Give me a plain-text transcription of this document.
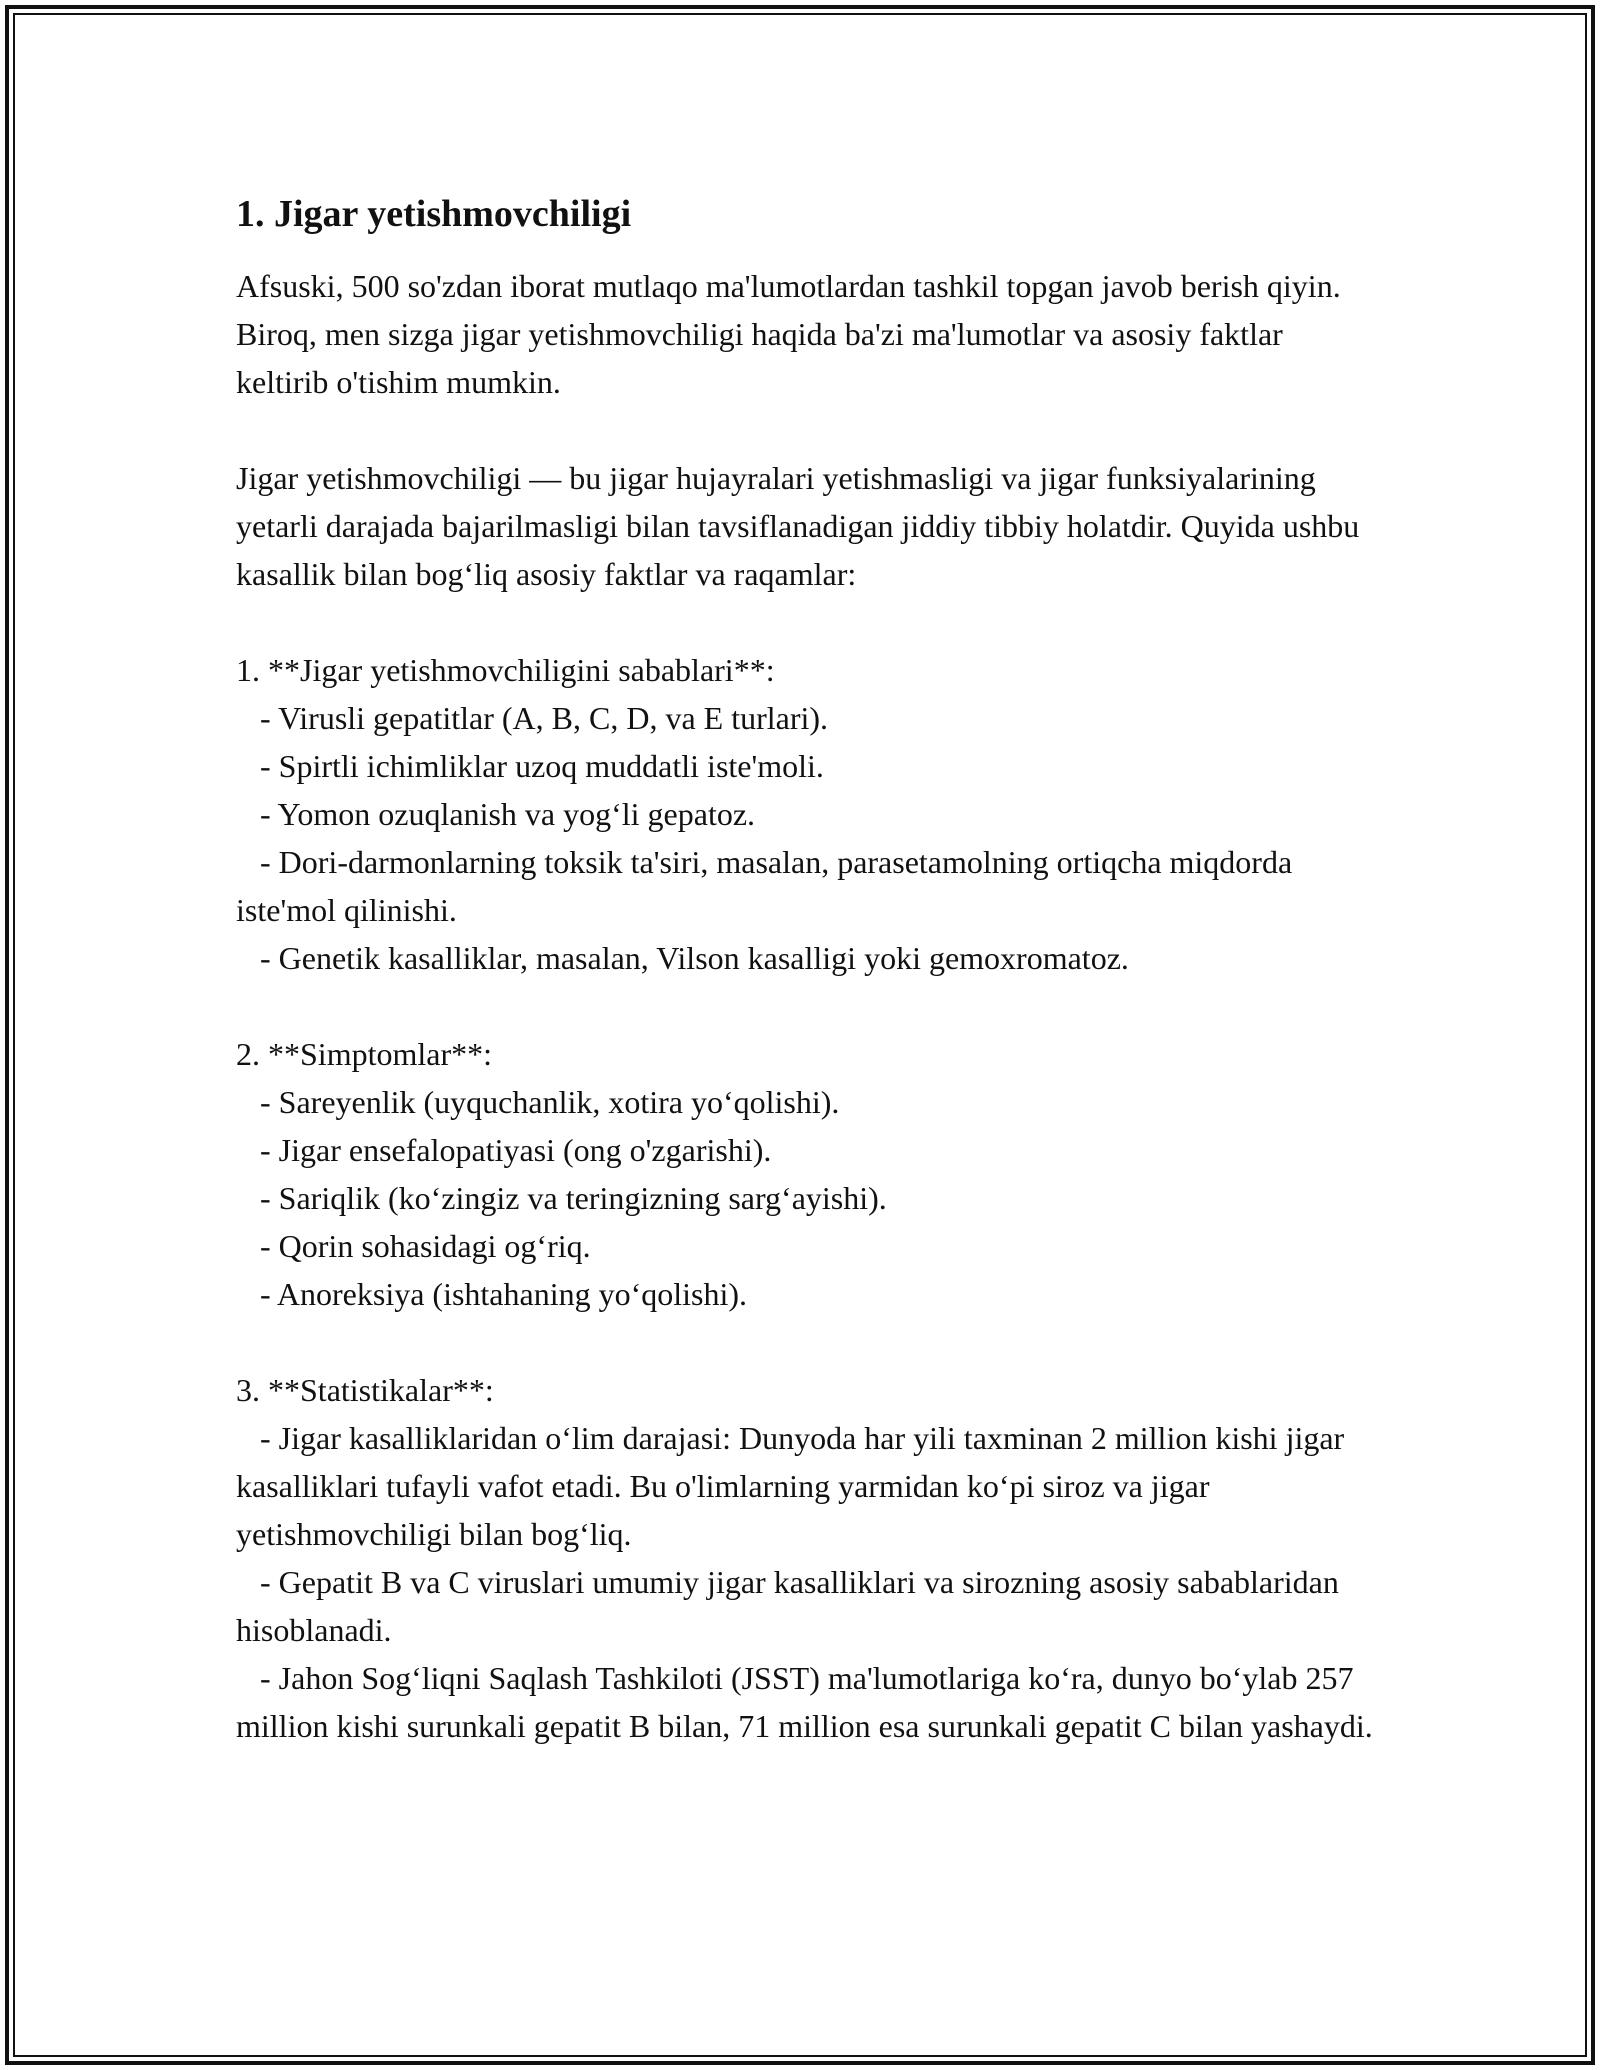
1. Jigar yetishmovchiligi

Afsuski, 500 so'zdan iborat mutlaqo ma'lumotlardan tashkil topgan javob berish qiyin. Biroq, men sizga jigar yetishmovchiligi haqida ba'zi ma'lumotlar va asosiy faktlar keltirib o'tishim mumkin.

Jigar yetishmovchiligi — bu jigar hujayralari yetishmasligi va jigar funksiyalarining yetarli darajada bajarilmasligi bilan tavsiflanadigan jiddiy tibbiy holatdir. Quyida ushbu kasallik bilan bog‘liq asosiy faktlar va raqamlar:

1. **Jigar yetishmovchiligini sabablari**:

- Virusli gepatitlar (A, B, C, D, va E turlari).

- Spirtli ichimliklar uzoq muddatli iste'moli.

- Yomon ozuqlanish va yog‘li gepatoz.

- Dori-darmonlarning toksik ta'siri, masalan, parasetamolning ortiqcha miqdorda iste'mol qilinishi.

- Genetik kasalliklar, masalan, Vilson kasalligi yoki gemoxromatoz.

2. **Simptomlar**:

- Sareyenlik (uyquchanlik, xotira yo‘qolishi).

- Jigar ensefalopatiyasi (ong o'zgarishi).

- Sariqlik (ko‘zingiz va teringizning sarg‘ayishi).

- Qorin sohasidagi og‘riq.

- Anoreksiya (ishtahaning yo‘qolishi).

3. **Statistikalar**:

- Jigar kasalliklaridan o‘lim darajasi: Dunyoda har yili taxminan 2 million kishi jigar kasalliklari tufayli vafot etadi. Bu o'limlarning yarmidan ko‘pi siroz va jigar yetishmovchiligi bilan bog‘liq.

- Gepatit B va C viruslari umumiy jigar kasalliklari va sirozning asosiy sabablaridan hisoblanadi.

- Jahon Sog‘liqni Saqlash Tashkiloti (JSST) ma'lumotlariga ko‘ra, dunyo bo‘ylab 257 million kishi surunkali gepatit B bilan, 71 million esa surunkali gepatit C bilan yashaydi.
